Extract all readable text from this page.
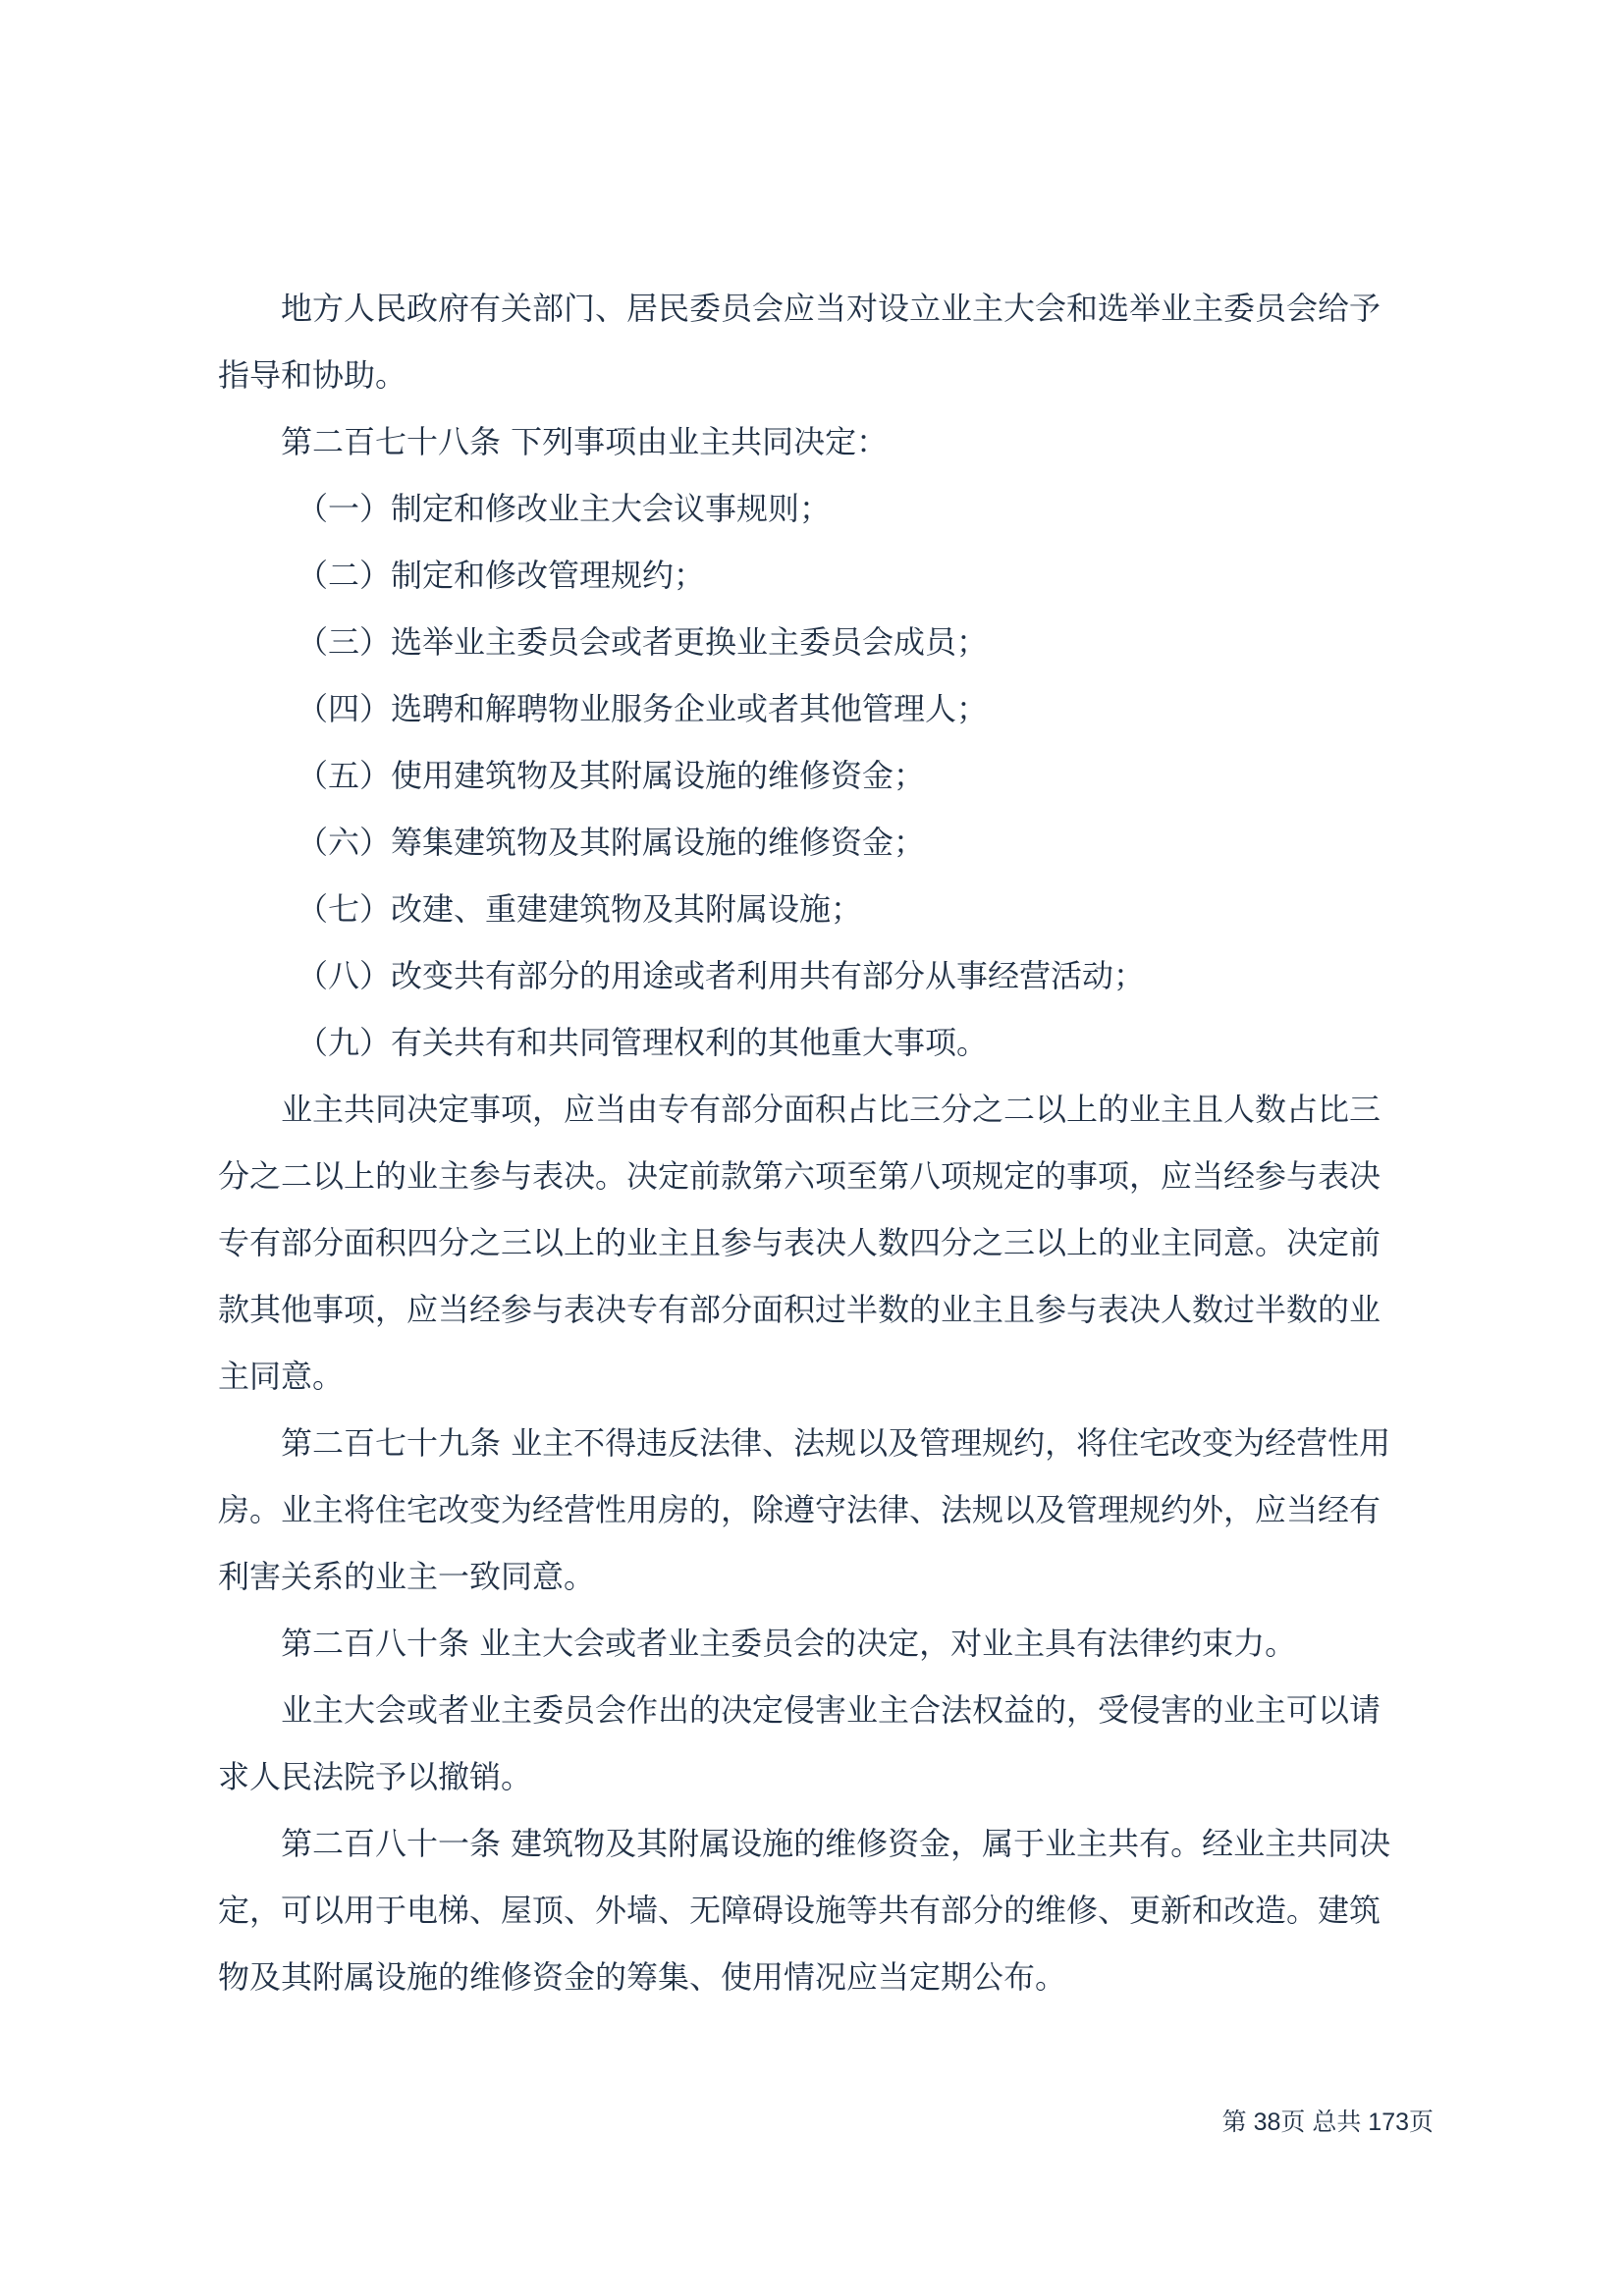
地方人民政府有关部门、居民委员会应当对设立业主大会和选举业主委员会给予指导和协助。

第二百七十八条 下列事项由业主共同决定：

（一）制定和修改业主大会议事规则；

（二）制定和修改管理规约；

（三）选举业主委员会或者更换业主委员会成员；

（四）选聘和解聘物业服务企业或者其他管理人；

（五）使用建筑物及其附属设施的维修资金；

（六）筹集建筑物及其附属设施的维修资金；

（七）改建、重建建筑物及其附属设施；

（八）改变共有部分的用途或者利用共有部分从事经营活动；

（九）有关共有和共同管理权利的其他重大事项。

业主共同决定事项，应当由专有部分面积占比三分之二以上的业主且人数占比三分之二以上的业主参与表决。决定前款第六项至第八项规定的事项，应当经参与表决专有部分面积四分之三以上的业主且参与表决人数四分之三以上的业主同意。决定前款其他事项，应当经参与表决专有部分面积过半数的业主且参与表决人数过半数的业主同意。

第二百七十九条 业主不得违反法律、法规以及管理规约，将住宅改变为经营性用房。业主将住宅改变为经营性用房的，除遵守法律、法规以及管理规约外，应当经有利害关系的业主一致同意。

第二百八十条 业主大会或者业主委员会的决定，对业主具有法律约束力。

业主大会或者业主委员会作出的决定侵害业主合法权益的，受侵害的业主可以请求人民法院予以撤销。

第二百八十一条 建筑物及其附属设施的维修资金，属于业主共有。经业主共同决定，可以用于电梯、屋顶、外墙、无障碍设施等共有部分的维修、更新和改造。建筑物及其附属设施的维修资金的筹集、使用情况应当定期公布。

第 38页 总共 173页
